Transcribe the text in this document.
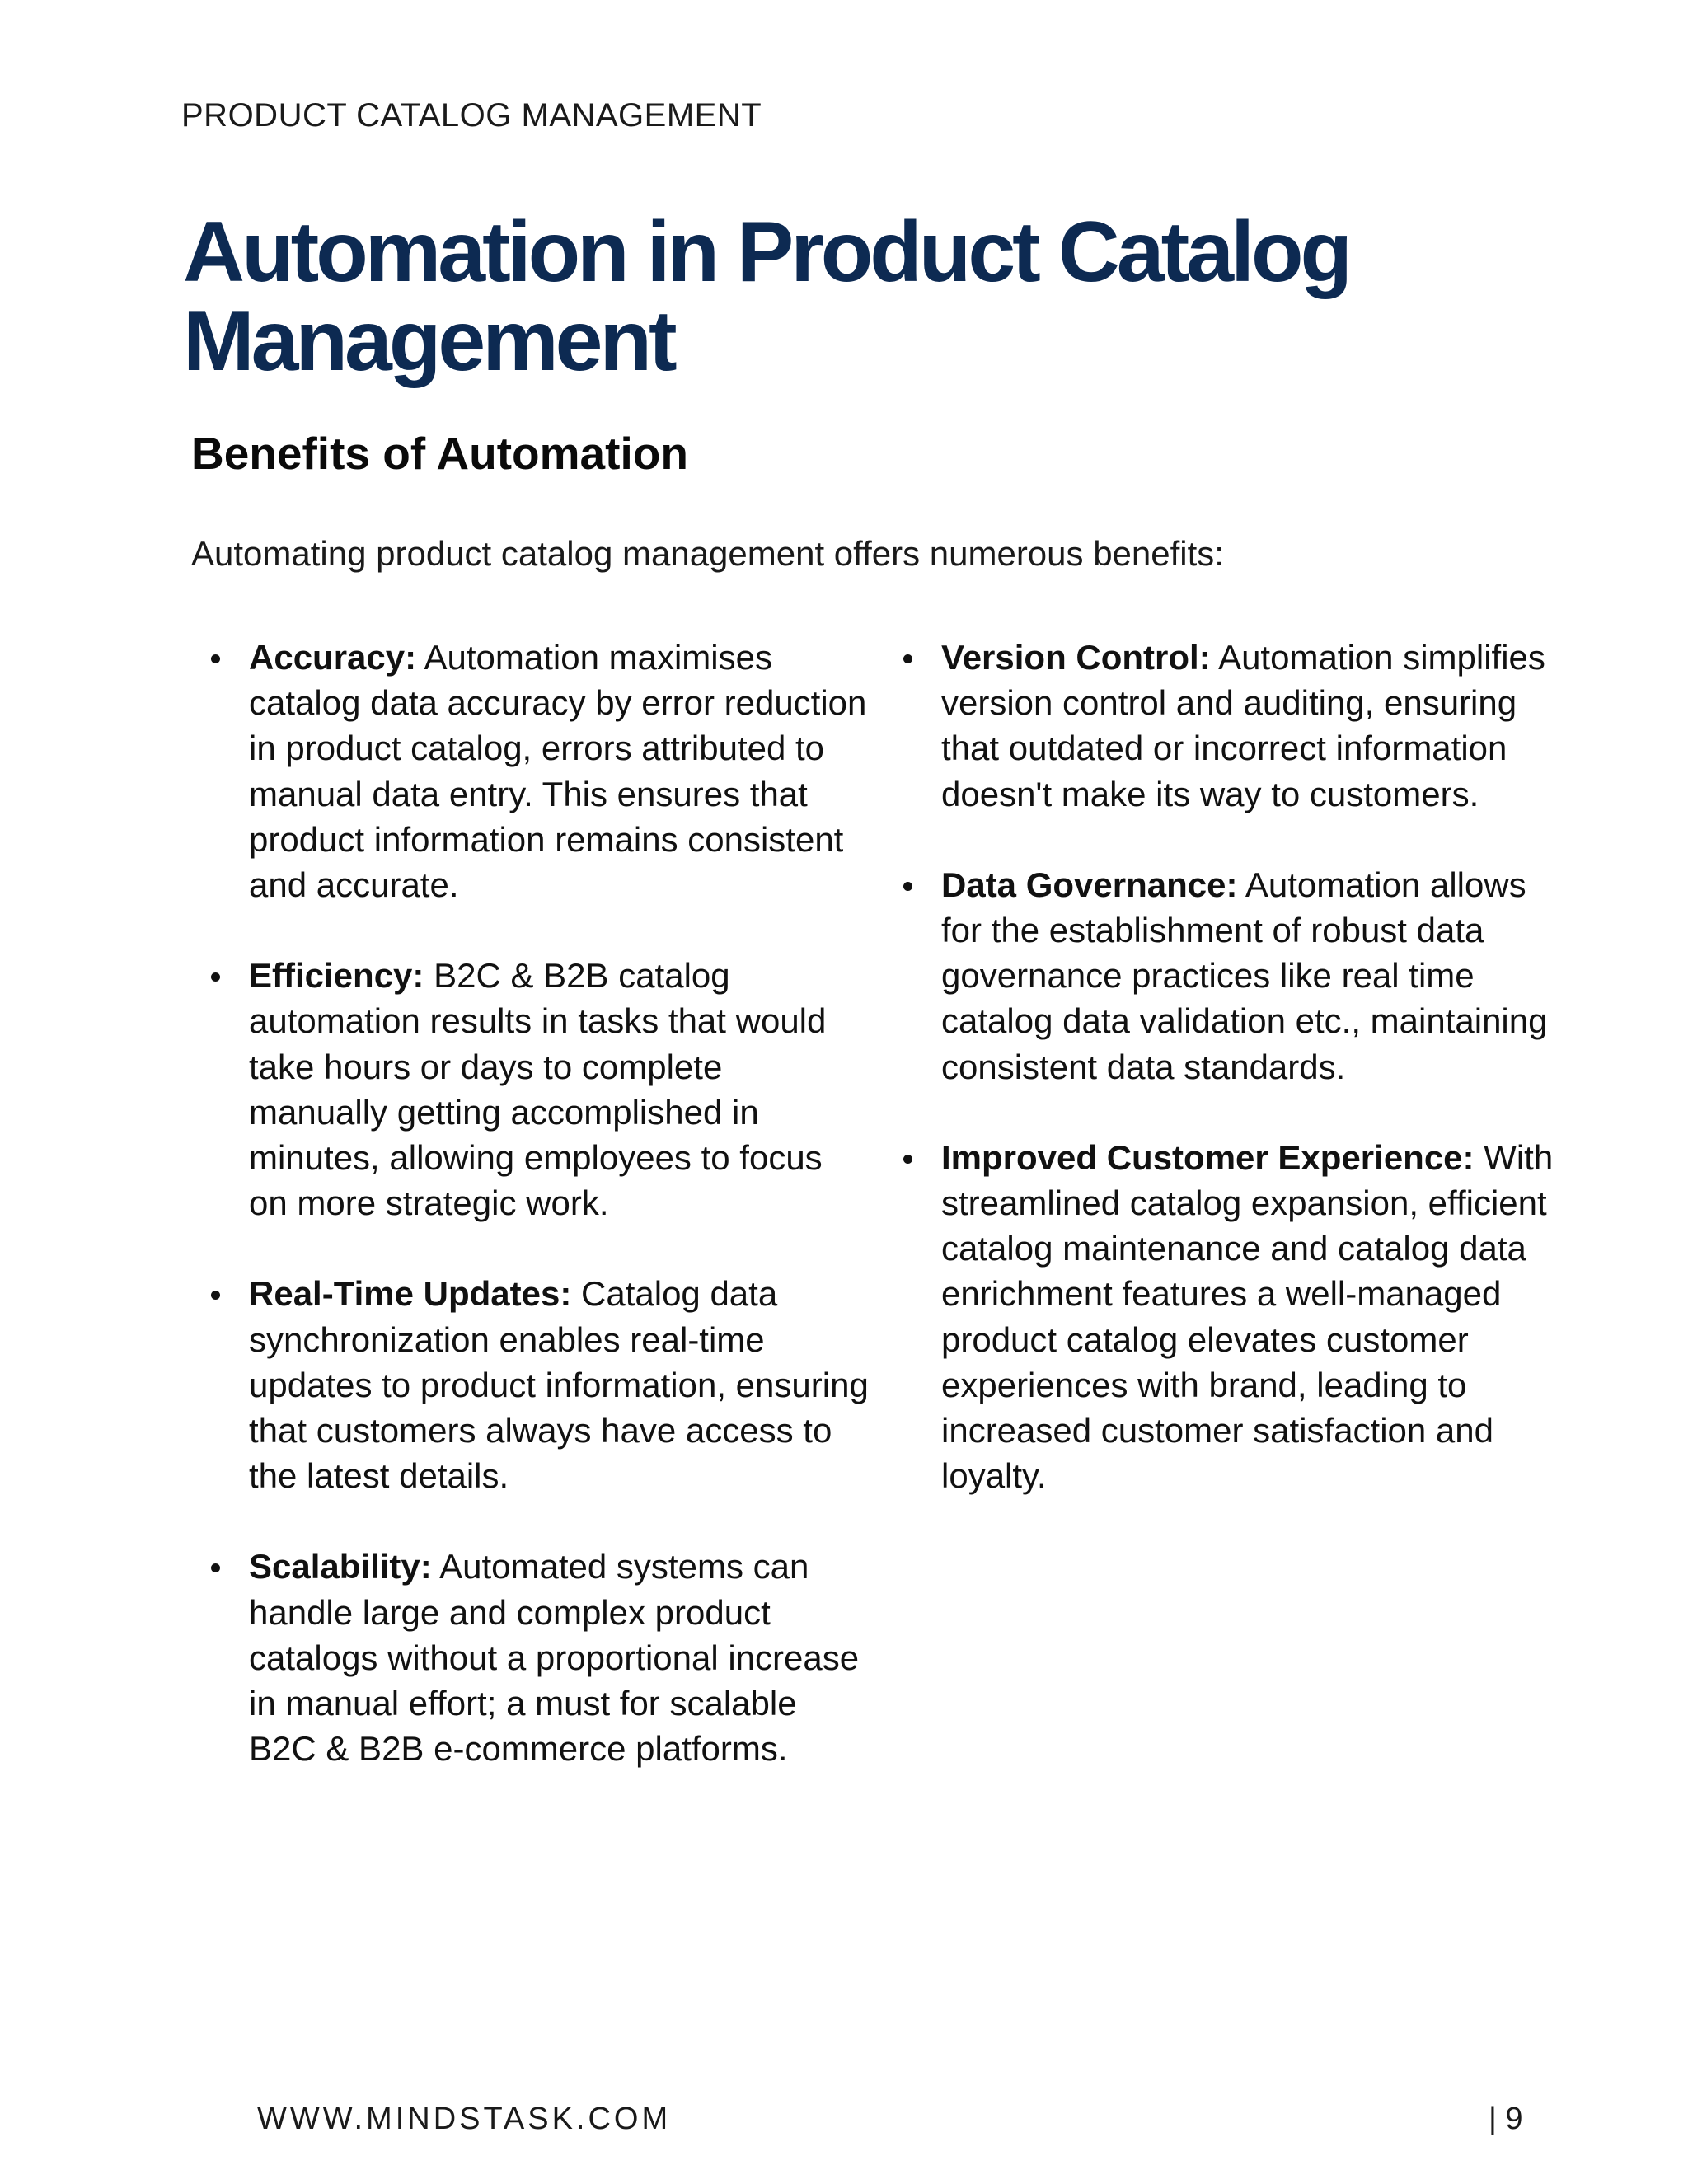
PRODUCT CATALOG MANAGEMENT
Automation in Product Catalog Management
Benefits of Automation

Automating product catalog management offers numerous benefits:

Accuracy: Automation maximises catalog data accuracy by error reduction in product catalog, errors attributed to manual data entry. This ensures that product information remains consistent and accurate.
Efficiency: B2C & B2B catalog automation results in tasks that would take hours or days to complete manually getting accomplished in minutes, allowing employees to focus on more strategic work.
Real-Time Updates: Catalog data synchronization enables real-time updates to product information, ensuring that customers always have access to the latest details.
Scalability: Automated systems can handle large and complex product catalogs without a proportional increase in manual effort; a must for scalable B2C & B2B e-commerce platforms.
Version Control: Automation simplifies version control and auditing, ensuring that outdated or incorrect information doesn't make its way to customers.
Data Governance: Automation allows for the establishment of robust data governance practices like real time catalog data validation etc., maintaining consistent data standards.
Improved Customer Experience: With streamlined catalog expansion, efficient catalog maintenance and catalog data enrichment features a well-managed product catalog elevates customer experiences with brand, leading to increased customer satisfaction and loyalty.
WWW.MINDSTASK.COM	| 9
